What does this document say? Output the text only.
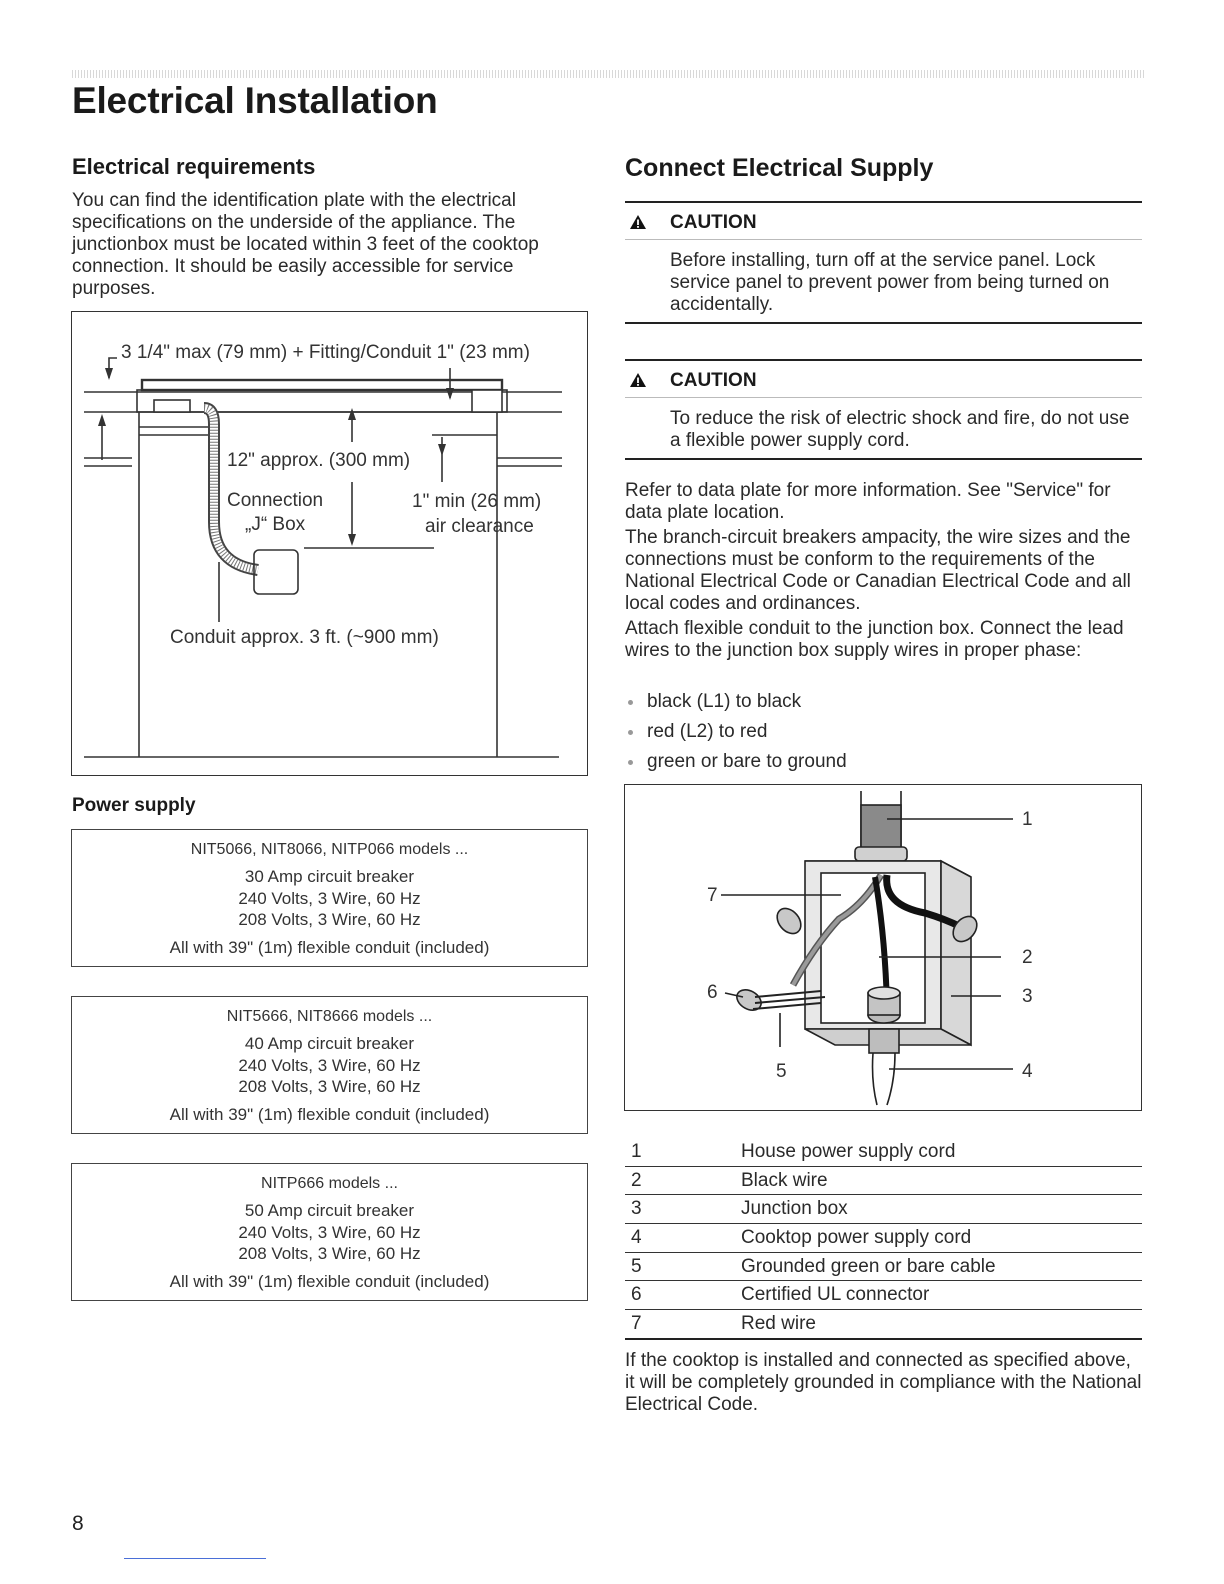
Electrical Installation
Electrical requirements

You can find the identification plate with the electrical specifications on the underside of the appliance. The junctionbox must be located within 3 feet of the cooktop connection. It should be easily accessible for service purposes.

3 1/4" max (79 mm) + Fitting/Conduit 1" (23 mm)
12" approx. (300 mm)
Connection
„J“ Box
1" min (26 mm)
air clearance
Conduit approx. 3 ft. (~900 mm)
Power supply
NIT5066, NIT8066, NITP066 models ...
30 Amp circuit breaker
240 Volts, 3 Wire, 60 Hz
208 Volts, 3 Wire, 60 Hz
All with 39" (1m) flexible conduit (included)
NIT5666, NIT8666 models ...
40 Amp circuit breaker
240 Volts, 3 Wire, 60 Hz
208 Volts, 3 Wire, 60 Hz
All with 39" (1m) flexible conduit (included)
NITP666 models ...
50 Amp circuit breaker
240 Volts, 3 Wire, 60 Hz
208 Volts, 3 Wire, 60 Hz
All with 39" (1m) flexible conduit (included)
Connect Electrical Supply
CAUTION
Before installing, turn off at the service panel. Lock service panel to prevent power from being turned on accidentally.
CAUTION
To reduce the risk of electric shock and fire, do not use a flexible power supply cord.

Refer to data plate for more information. See "Service" for data plate location.

The branch-circuit breakers ampacity, the wire sizes and the connections must be conform to the requirements of the National Electrical Code or Canadian Electrical Code and all local codes and ordinances.

Attach flexible conduit to the junction box. Connect the lead wires to the junction box supply wires in proper phase:

black (L1) to black
red (L2) to red
green or bare to ground
1
2
3
4
5
6
7
1	House power supply cord
2	Black wire
3	Junction box
4	Cooktop power supply cord
5	Grounded green or bare cable
6	Certified UL connector
7	Red wire

If the cooktop is installed and connected as specified above, it will be completely grounded in compliance with the National Electrical Code.

8
